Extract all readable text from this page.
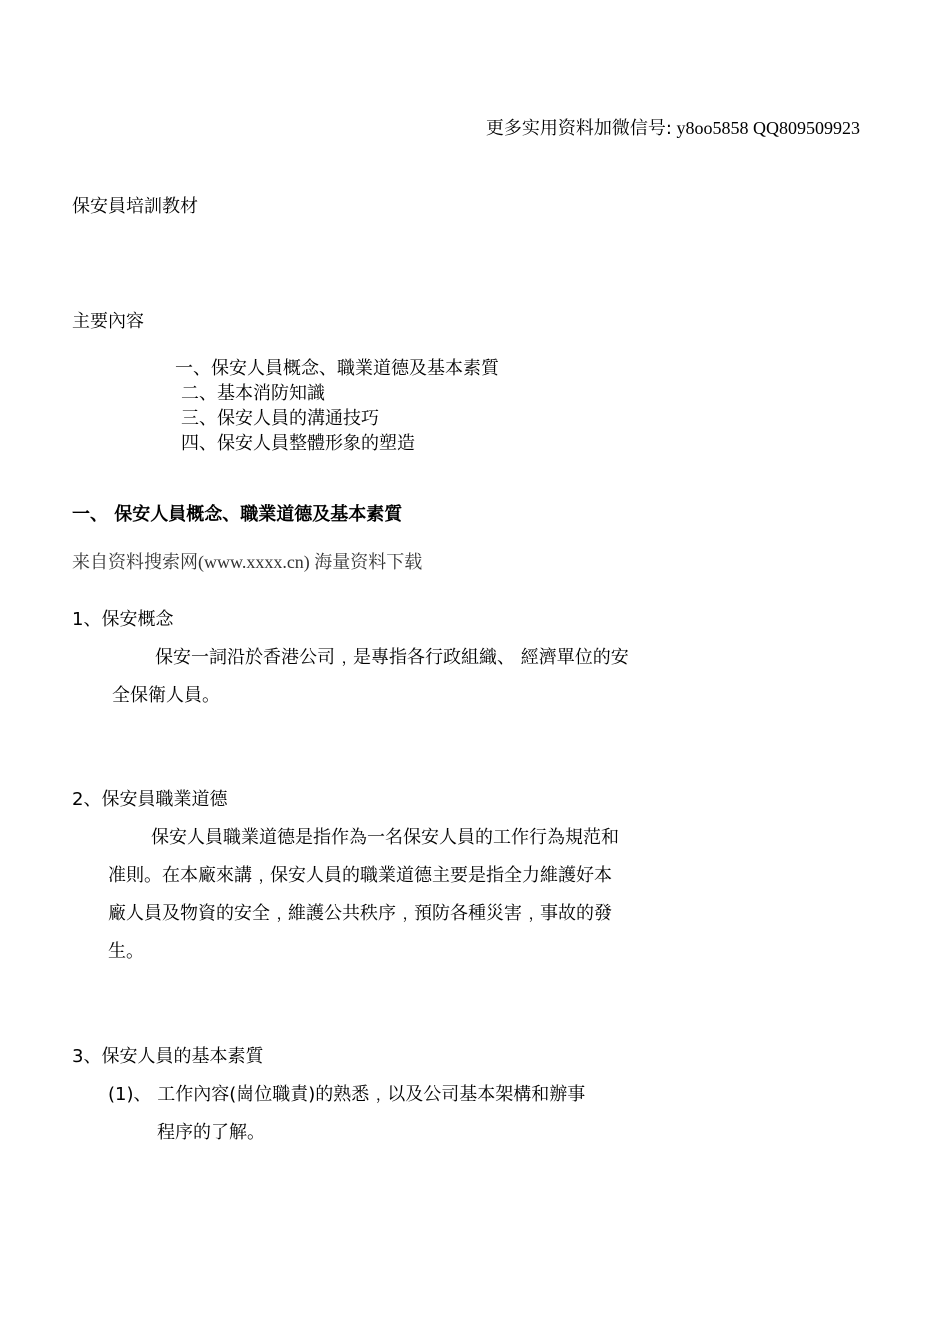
更多实用资料加微信号: y8oo5858 QQ809509923
保安員培訓教材
主要內容
一、保安人員概念、職業道德及基本素質
二、基本消防知識
三、保安人員的溝通技巧
四、保安人員整體形象的塑造
一、 保安人員概念、職業道德及基本素質
来自资料搜索网(www.xxxx.cn) 海量资料下载
1、保安概念
保安一詞沿於香港公司﹐是專指各行政組織、 經濟單位的安
全保衛人員。
2、保安員職業道德
保安人員職業道德是指作為一名保安人員的工作行為規范和
准則。在本廠來講﹐保安人員的職業道德主要是指全力維護好本
廠人員及物資的安全﹐維護公共秩序﹐預防各種災害﹐事故的發
生。
3、保安人員的基本素質
(1)、 工作內容(崗位職責)的熟悉﹐以及公司基本架構和辦事
程序的了解。
